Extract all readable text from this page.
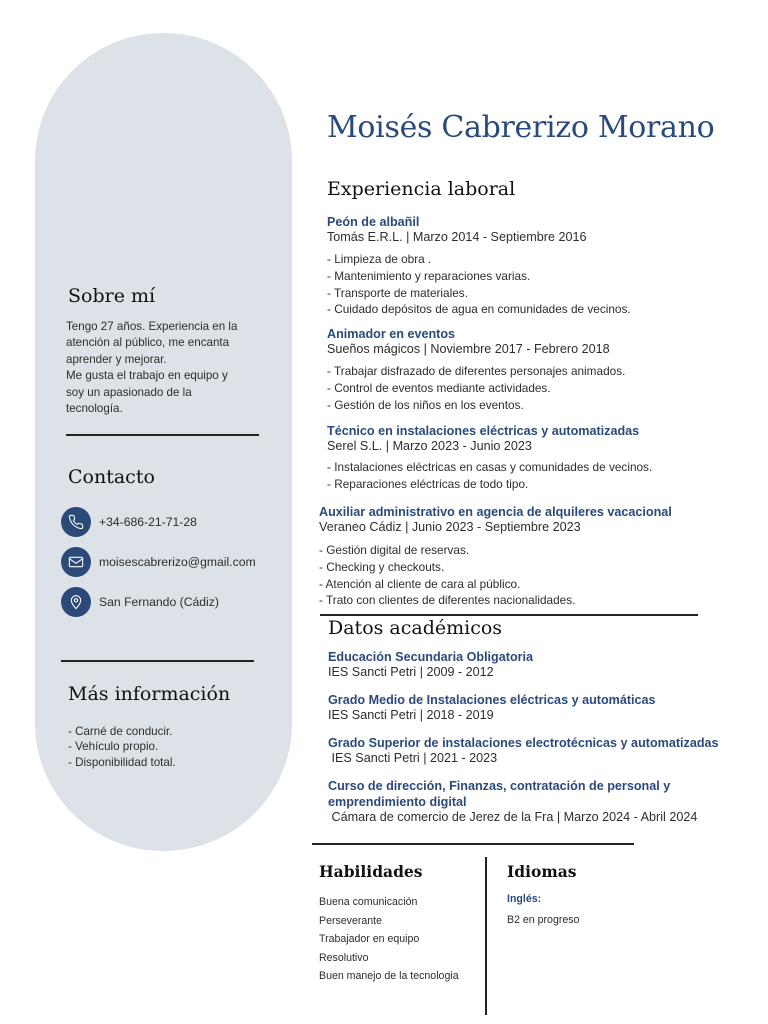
Sobre mí
Tengo 27 años. Experiencia en la
atención al público, me encanta
aprender y mejorar.
Me gusta el trabajo en equipo y
soy un apasionado de la
tecnología.
Contacto
+34-686-21-71-28
moisescabrerizo@gmail.com
San Fernando (Cádiz)
Más información
- Carné de conducir.
- Vehículo propio.
- Disponibilidad total.
Moisés Cabrerizo Morano
Experiencia laboral
Peón de albañil
Tomás E.R.L. | Marzo 2014 - Septiembre 2016
- Limpieza de obra .
- Mantenimiento y reparaciones varias.
- Transporte de materiales.
- Cuidado depósitos de agua en comunidades de vecinos.
Animador en eventos
Sueños mágicos | Noviembre 2017 - Febrero 2018
- Trabajar disfrazado de diferentes personajes animados.
- Control de eventos mediante actividades.
- Gestión de los niños en los eventos.
Técnico en instalaciones eléctricas y automatizadas
Serel S.L. | Marzo 2023 - Junio 2023
- Instalaciones eléctricas en casas y comunidades de vecinos.
- Reparaciones eléctricas de todo tipo.
Auxiliar administrativo en agencia de alquileres vacacional
Veraneo Cádiz | Junio 2023 - Septiembre 2023
- Gestión digital de reservas.
- Checking y checkouts.
- Atención al cliente de cara al público.
- Trato con clientes de diferentes nacionalidades.
Datos académicos
Educación Secundaria Obligatoria
IES Sancti Petri | 2009 - 2012
Grado Medio de Instalaciones eléctricas y automáticas
IES Sancti Petri | 2018 - 2019
Grado Superior de instalaciones electrotécnicas y automatizadas
IES Sancti Petri | 2021 - 2023
Curso de dirección, Finanzas, contratación de personal y
emprendimiento digital
Cámara de comercio de Jerez de la Fra | Marzo 2024 - Abril 2024
Habilidades
Buena comunicación
Perseverante
Trabajador en equipo
Resolutivo
Buen manejo de la tecnologia
Idiomas
Inglés:
B2 en progreso
